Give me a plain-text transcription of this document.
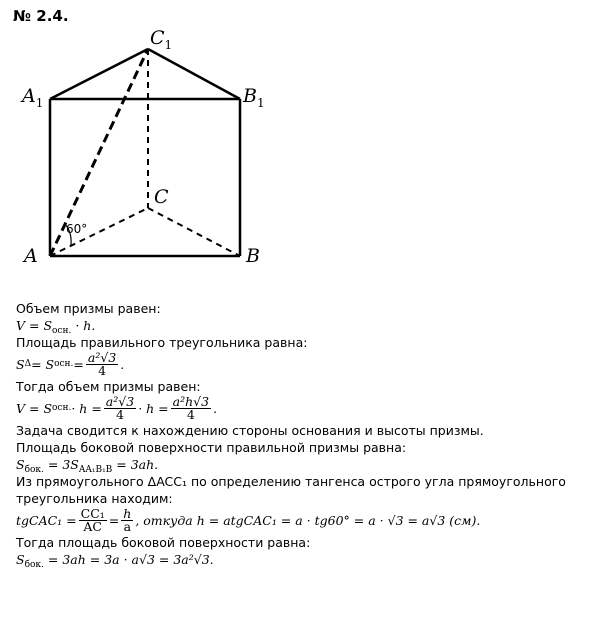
№ 2.4.
60°
$C_1$
$A_1$	$B_1$
C
A	B
Объем призмы равен:
$V = S_{осн.} \cdot h$.
Площадь правильного треугольника равна:
S Δ = S осн. = $\frac{\text{a²√3}}{4}$ .
Тогда объем призмы равен:
V = S осн. · $h = \frac{\text{a²√3}}{4} \cdot h = \frac{\text{a²h√3}}{4}$ .
Задача сводится к нахождению стороны основания и высоты призмы.
Площадь боковой поверхности правильной призмы равна:
$S_{бок.} = 3S_{AA_1B_1B} = 3ah$.
Из прямоугольного ΔACC₁ по определению тангенса острого угла прямоугольного
треугольника находим:
tgCAC₁ = $\frac{\text{CC₁}}{AC} = \frac{h}{a}$ , откуда h = atgCAC₁ = a · tg60° = a · √3 = a√3 (см).
Тогда площадь боковой поверхности равна:
$S_{бок.} = 3ah = 3a \cdot a√3 = 3a^2√3$.
